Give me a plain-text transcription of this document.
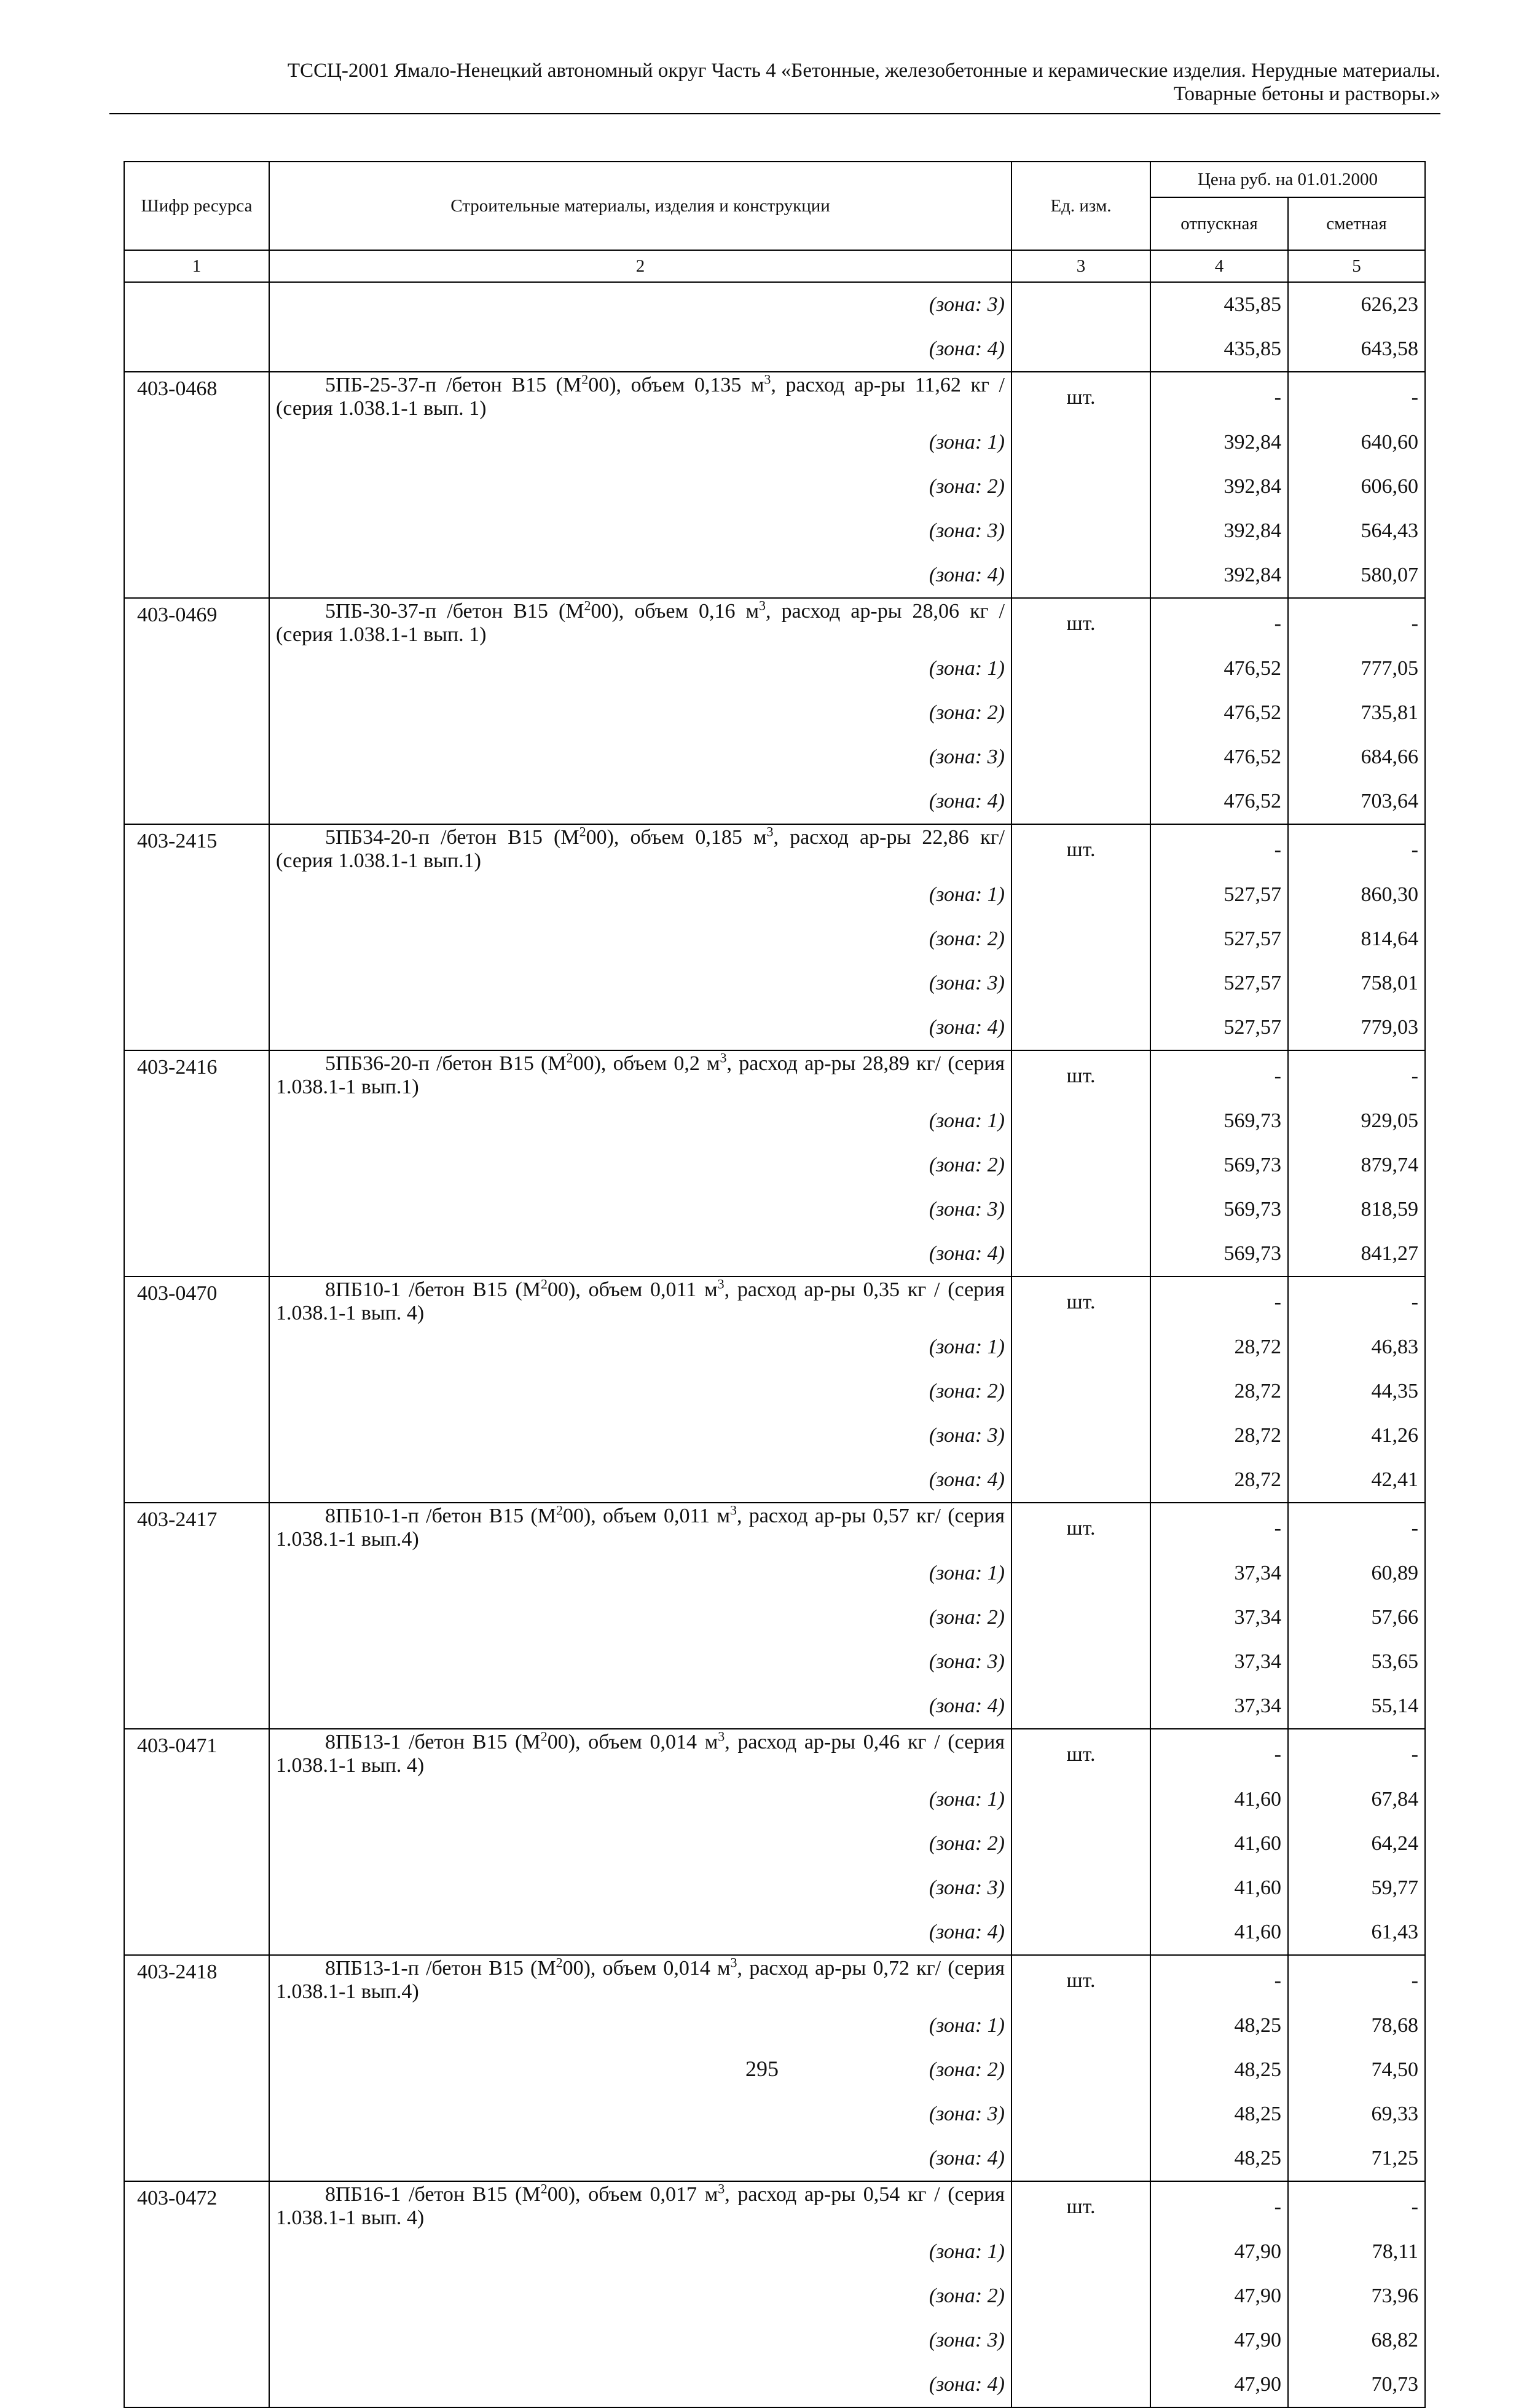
ТССЦ-2001 Ямало-Ненецкий автономный округ Часть 4 «Бетонные, железобетонные и керамические изделия. Нерудные материалы.
Товарные бетоны и растворы.»
Шифр ресурса	Строительные материалы, изделия и конструкции	Ед. изм.	Цена руб. на 01.01.2000	
			отпускная	сметная
1	2	3	4	5
	(зона: 3)		435,85	626,23
	(зона: 4)		435,85	643,58
403-0468	5ПБ-25-37-п /бетон В15 $(М^200)$, объем 0,135 $м^3$, расход ар-ры 11,62 кг / (серия 1.038.1-1 вып. 1)	шт.	-	-
	(зона: 1)		392,84	640,60
	(зона: 2)		392,84	606,60
	(зона: 3)		392,84	564,43
	(зона: 4)		392,84	580,07
403-0469	5ПБ-30-37-п /бетон В15 $(М^200)$, объем 0,16 $м^3$, расход ар-ры 28,06 кг / (серия 1.038.1-1 вып. 1)	шт.	-	-
	(зона: 1)		476,52	777,05
	(зона: 2)		476,52	735,81
	(зона: 3)		476,52	684,66
	(зона: 4)		476,52	703,64
403-2415	5ПБ34-20-п /бетон В15 $(М^200)$, объем 0,185 $м^3$, расход ар-ры 22,86 кг/ (серия 1.038.1-1 вып.1)	шт.	-	-
	(зона: 1)		527,57	860,30
	(зона: 2)		527,57	814,64
	(зона: 3)		527,57	758,01
	(зона: 4)		527,57	779,03
403-2416	5ПБ36-20-п /бетон В15 $(М^200)$, объем 0,2 $м^3$, расход ар-ры 28,89 кг/ (серия 1.038.1-1 вып.1)	шт.	-	-
	(зона: 1)		569,73	929,05
	(зона: 2)		569,73	879,74
	(зона: 3)		569,73	818,59
	(зона: 4)		569,73	841,27
403-0470	8ПБ10-1 /бетон В15 $(М^200)$, объем 0,011 $м^3$, расход ар-ры 0,35 кг / (серия 1.038.1-1 вып. 4)	шт.	-	-
	(зона: 1)		28,72	46,83
	(зона: 2)		28,72	44,35
	(зона: 3)		28,72	41,26
	(зона: 4)		28,72	42,41
403-2417	8ПБ10-1-п /бетон В15 $(М^200)$, объем 0,011 $м^3$, расход ар-ры 0,57 кг/ (серия 1.038.1-1 вып.4)	шт.	-	-
	(зона: 1)		37,34	60,89
	(зона: 2)		37,34	57,66
	(зона: 3)		37,34	53,65
	(зона: 4)		37,34	55,14
403-0471	8ПБ13-1 /бетон В15 $(М^200)$, объем 0,014 $м^3$, расход ар-ры 0,46 кг / (серия 1.038.1-1 вып. 4)	шт.	-	-
	(зона: 1)		41,60	67,84
	(зона: 2)		41,60	64,24
	(зона: 3)		41,60	59,77
	(зона: 4)		41,60	61,43
403-2418	8ПБ13-1-п /бетон В15 $(М^200)$, объем 0,014 $м^3$, расход ар-ры 0,72 кг/ (серия 1.038.1-1 вып.4)	шт.	-	-
	(зона: 1)		48,25	78,68
	(зона: 2)		48,25	74,50
	(зона: 3)		48,25	69,33
	(зона: 4)		48,25	71,25
403-0472	8ПБ16-1 /бетон В15 $(М^200)$, объем 0,017 $м^3$, расход ар-ры 0,54 кг / (серия 1.038.1-1 вып. 4)	шт.	-	-
	(зона: 1)		47,90	78,11
	(зона: 2)		47,90	73,96
	(зона: 3)		47,90	68,82
	(зона: 4)		47,90	70,73
295
